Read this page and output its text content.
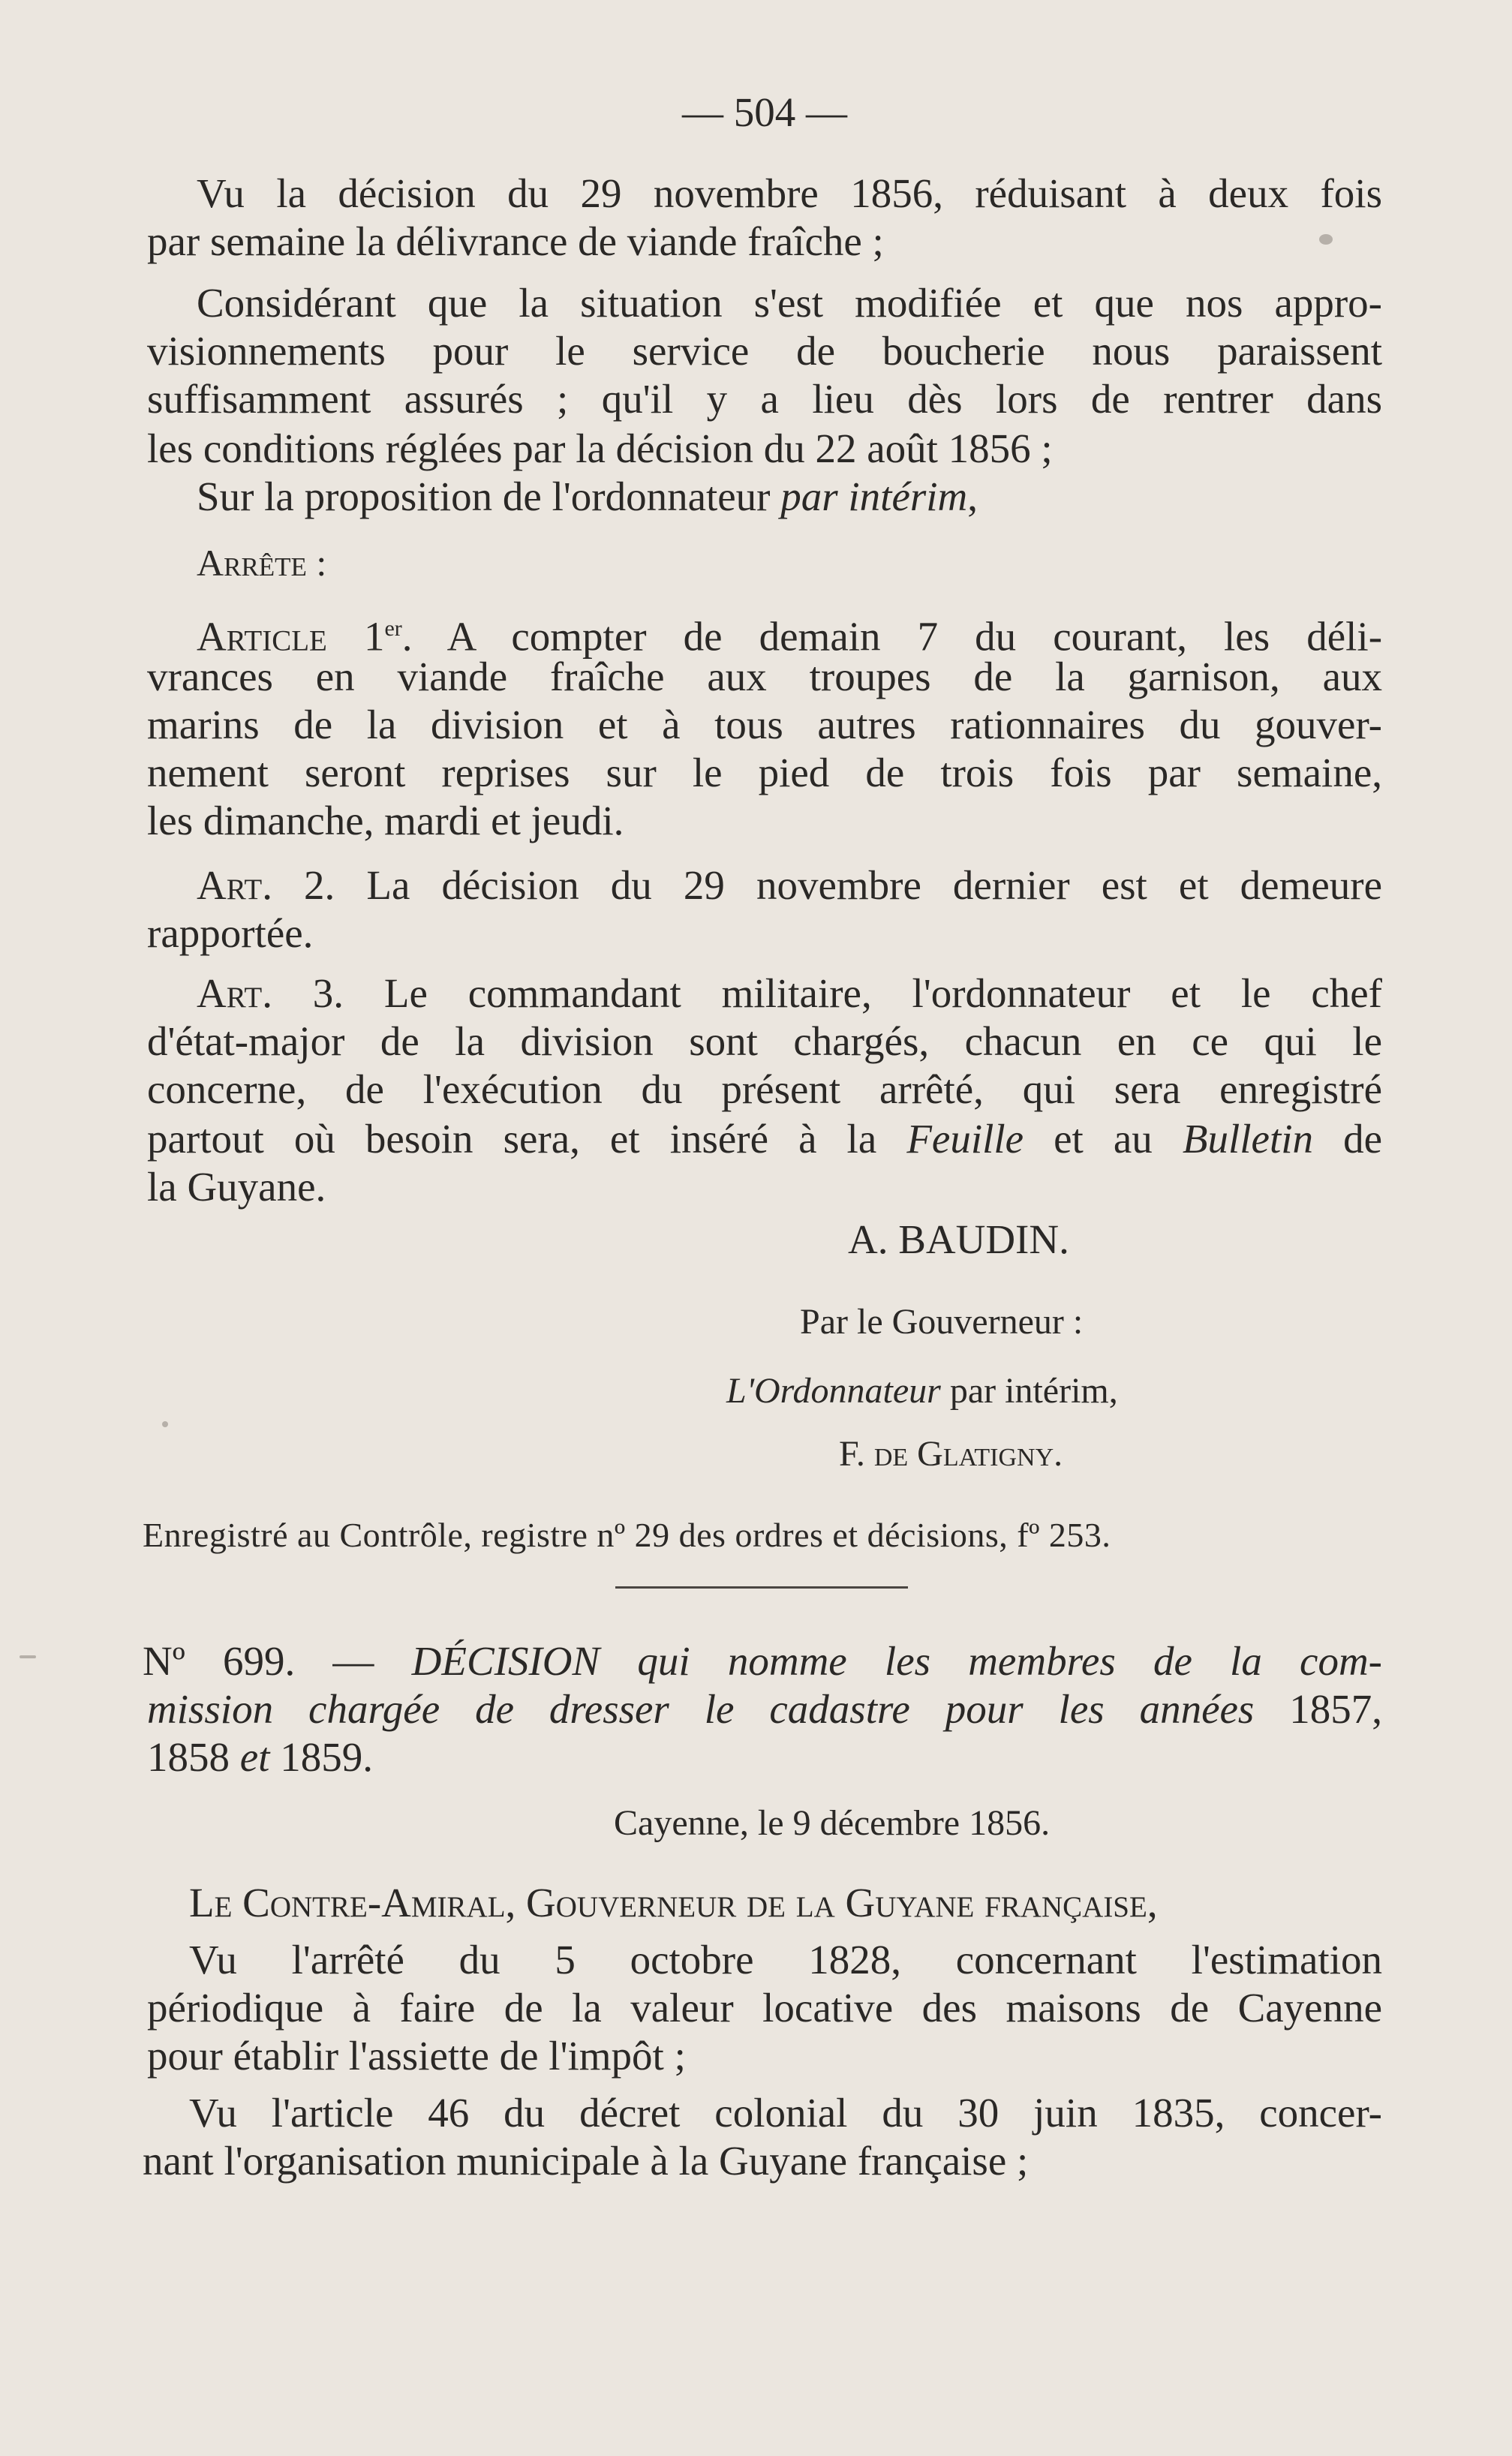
— 504 —
Vu la décision du 29 novembre 1856, réduisant à deux fois
par semaine la délivrance de viande fraîche ;
Considérant que la situation s'est modifiée et que nos appro-
visionnements pour le service de boucherie nous paraissent
suffisamment assurés ; qu'il y a lieu dès lors de rentrer dans
les conditions réglées par la décision du 22 août 1856 ;
Sur la proposition de l'ordonnateur par intérim,
Arrête :
Article 1er. A compter de demain 7 du courant, les déli-
vrances en viande fraîche aux troupes de la garnison, aux
marins de la division et à tous autres rationnaires du gouver-
nement seront reprises sur le pied de trois fois par semaine,
les dimanche, mardi et jeudi.
Art. 2. La décision du 29 novembre dernier est et demeure
rapportée.
Art. 3. Le commandant militaire, l'ordonnateur et le chef
d'état-major de la division sont chargés, chacun en ce qui le
concerne, de l'exécution du présent arrêté, qui sera enregistré
partout où besoin sera, et inséré à la Feuille et au Bulletin de
la Guyane.
A. BAUDIN.
Par le Gouverneur :
L'Ordonnateur par intérim,
F. de Glatigny.
Enregistré au Contrôle, registre nº 29 des ordres et décisions, fº 253.
Nº 699. — DÉCISION qui nomme les membres de la com-
mission chargée de dresser le cadastre pour les années 1857,
1858 et 1859.
Cayenne, le 9 décembre 1856.
Le Contre-Amiral, Gouverneur de la Guyane française,
Vu l'arrêté du 5 octobre 1828, concernant l'estimation
périodique à faire de la valeur locative des maisons de Cayenne
pour établir l'assiette de l'impôt ;
Vu l'article 46 du décret colonial du 30 juin 1835, concer-
nant l'organisation municipale à la Guyane française ;
